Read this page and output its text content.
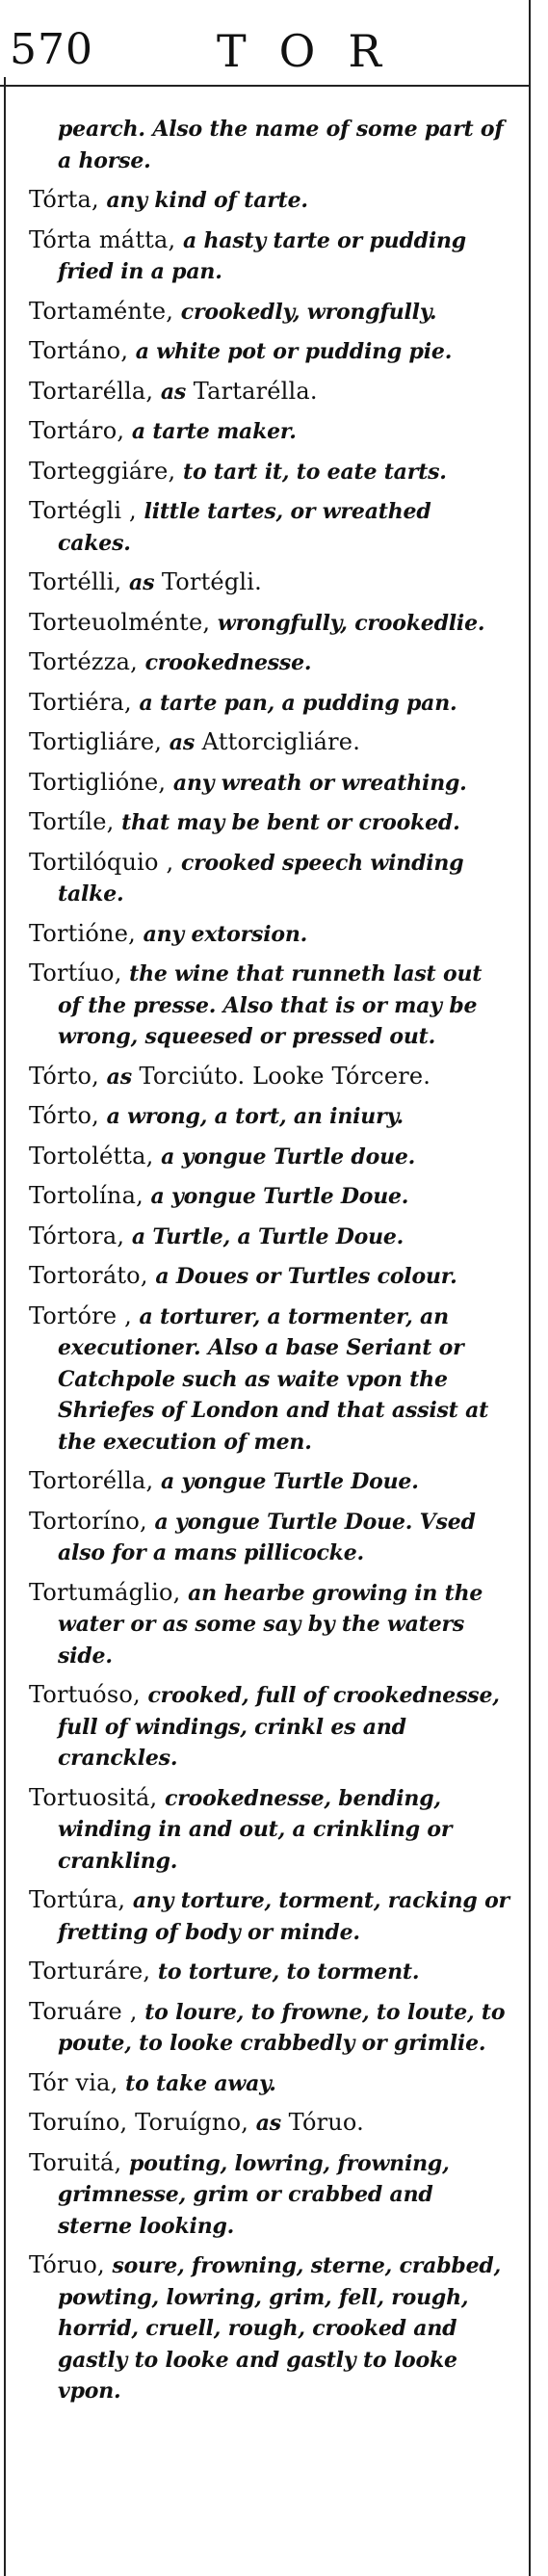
570	TOR
pearch. Also the name of some part of a horse.
Tórta, any kind of tarte.
Tórta mátta, a hasty tarte or pudding fried in a pan.
Tortaménte, crookedly, wrongfully.
Tortáno, a white pot or pudding pie.
Tortarélla, as Tartarélla.
Tortáro, a tarte maker.
Torteggiáre, to tart it, to eate tarts.
Tortégli , little tartes, or wreathed cakes.
Tortélli, as Tortégli.
Torteuolménte, wrongfully, crookedlie.
Tortézza, crookednesse.
Tortiéra, a tarte pan, a pudding pan.
Tortigliáre, as Attorcigliáre.
Tortiglióne, any wreath or wreathing.
Tortíle, that may be bent or crooked.
Tortilóquio , crooked speech winding talke.
Tortióne, any extorsion.
Tortíuo, the wine that runneth last out of the presse. Also that is or may be wrong, squeesed or pressed out.
Tórto, as Torciúto. Looke Tórcere.
Tórto, a wrong, a tort, an iniury.
Tortolétta, a yongue Turtle doue.
Tortolína, a yongue Turtle Doue.
Tórtora, a Turtle, a Turtle Doue.
Tortoráto, a Doues or Turtles colour.
Tortóre , a torturer, a tormenter, an executioner. Also a base Seriant or Catchpole such as waite vpon the Shriefes of London and that assist at the execution of men.
Tortorélla, a yongue Turtle Doue.
Tortoríno, a yongue Turtle Doue. Vsed also for a mans pillicocke.
Tortumáglio, an hearbe growing in the water or as some say by the waters side.
Tortuóso, crooked, full of crookednesse, full of windings, crinkl es and cranckles.
Tortuositá, crookednesse, bending, winding in and out, a crinkling or crankling.
Tortúra, any torture, torment, racking or fretting of body or minde.
Torturáre, to torture, to torment.
Toruáre , to loure, to frowne, to loute, to poute, to looke crabbedly or grimlie.
Tór via, to take away.
Toruíno, Toruígno, as Tóruo.
Toruitá, pouting, lowring, frowning, grimnesse, grim or crabbed and sterne looking.
Tóruo, soure, frowning, sterne, crabbed, powting, lowring, grim, fell, rough, horrid, cruell, rough, crooked and gastly to looke and gastly to looke vpon.
